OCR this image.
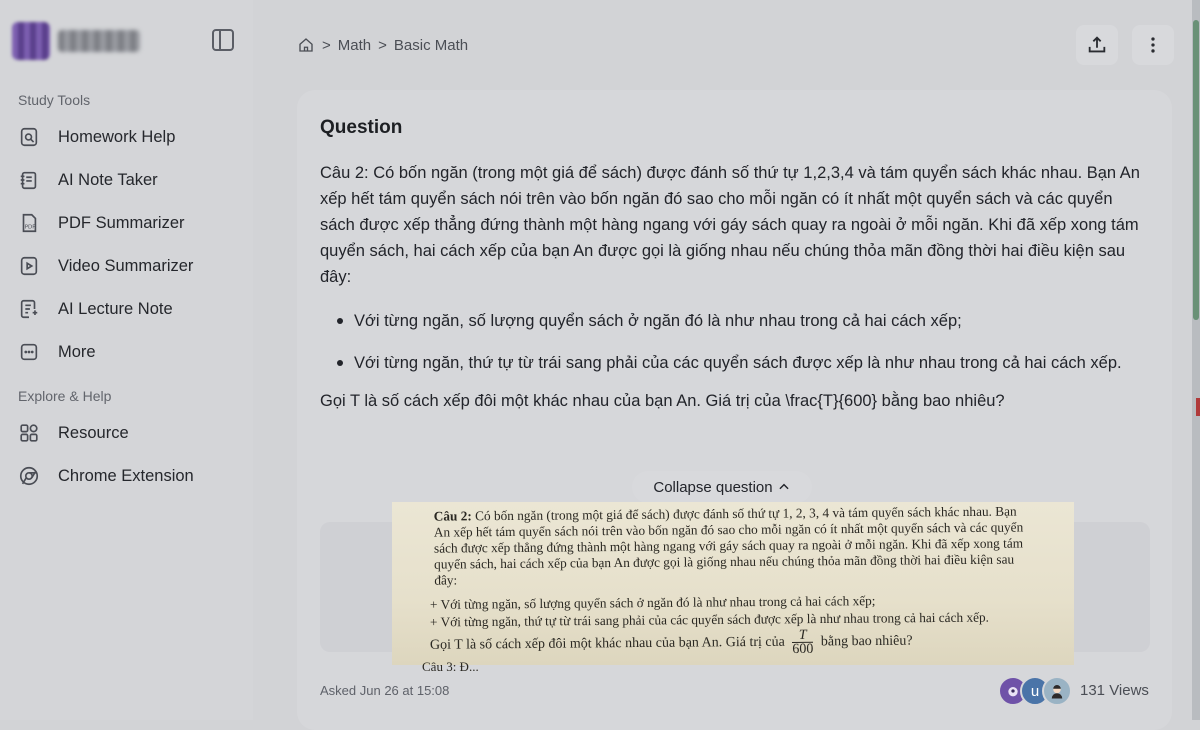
Study Tools
Homework Help
AI Note Taker
PDF PDF Summarizer
Video Summarizer
AI Lecture Note
More
Explore & Help
Resource
Chrome Extension
> Math > Basic Math
Question

Câu 2: Có bốn ngăn (trong một giá để sách) được đánh số thứ tự 1,2,3,4 và tám quyển sách khác nhau. Bạn An xếp hết tám quyển sách nói trên vào bốn ngăn đó sao cho mỗi ngăn có ít nhất một quyển sách và các quyển sách được xếp thẳng đứng thành một hàng ngang với gáy sách quay ra ngoài ở mỗi ngăn. Khi đã xếp xong tám quyển sách, hai cách xếp của bạn An được gọi là giống nhau nếu chúng thỏa mãn đồng thời hai điều kiện sau đây:

Với từng ngăn, số lượng quyển sách ở ngăn đó là như nhau trong cả hai cách xếp;
Với từng ngăn, thứ tự từ trái sang phải của các quyển sách được xếp là như nhau trong cả hai cách xếp.

Gọi T là số cách xếp đôi một khác nhau của bạn An. Giá trị của \frac{T}{600} bằng bao nhiêu?

Collapse question
Câu 2: Có bốn ngăn (trong một giá để sách) được đánh số thứ tự 1, 2, 3, 4 và tám quyển sách khác nhau. Bạn An xếp hết tám quyển sách nói trên vào bốn ngăn đó sao cho mỗi ngăn có ít nhất một quyển sách và các quyển sách được xếp thẳng đứng thành một hàng ngang với gáy sách quay ra ngoài ở mỗi ngăn. Khi đã xếp xong tám quyển sách, hai cách xếp của bạn An được gọi là giống nhau nếu chúng thỏa mãn đồng thời hai điều kiện sau đây:
+ Với từng ngăn, số lượng quyển sách ở ngăn đó là như nhau trong cả hai cách xếp;
+ Với từng ngăn, thứ tự từ trái sang phải của các quyển sách được xếp là như nhau trong cả hai cách xếp.
Gọi T là số cách xếp đôi một khác nhau của bạn An. Giá trị của $\frac{T}{600}$ bằng bao nhiêu?
Câu 3: Đ...
Asked Jun 26 at 15:08	u	131 Views
